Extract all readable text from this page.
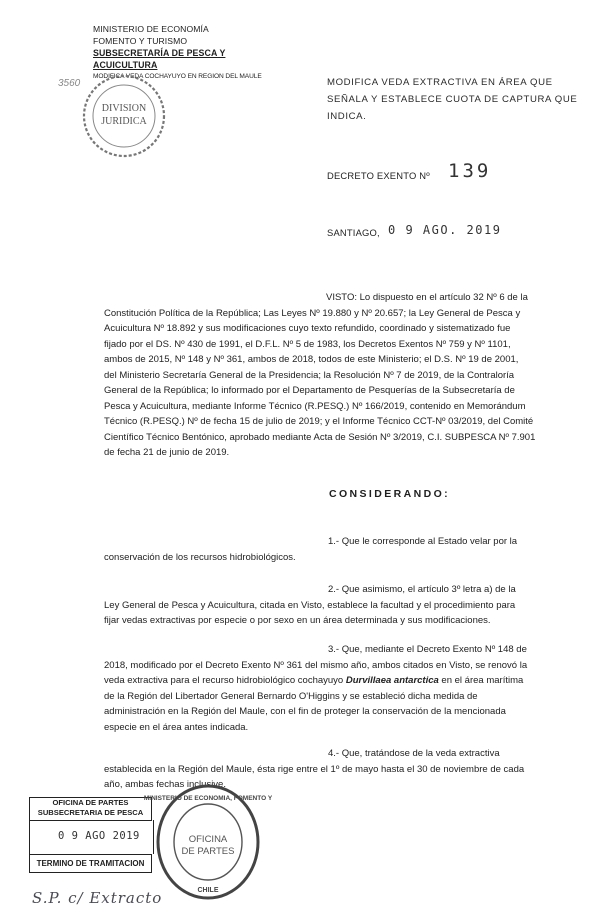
MINISTERIO DE ECONOMÍA
FOMENTO Y TURISMO
SUBSECRETARÍA DE PESCA Y ACUICULTURA
MODIFICA VEDA COCHAYUYO EN REGION DEL MAULE
3560
DIVISION
JURIDICA
MODIFICA VEDA EXTRACTIVA EN ÁREA QUE
SEÑALA Y ESTABLECE CUOTA DE CAPTURA QUE
INDICA.
DECRETO EXENTO Nº 139
SANTIAGO, 0 9 AGO. 2019
VISTO: Lo dispuesto en el artículo 32 Nº 6 de la
Constitución Política de la República; Las Leyes Nº 19.880 y Nº 20.657; la Ley General de Pesca y
Acuicultura Nº 18.892 y sus modificaciones cuyo texto refundido, coordinado y sistematizado fue
fijado por el DS. Nº 430 de 1991, el D.F.L. Nº 5 de 1983, los Decretos Exentos Nº 759 y Nº 1101,
ambos de 2015, Nº 148 y Nº 361, ambos de 2018, todos de este Ministerio; el D.S. Nº 19 de 2001,
del Ministerio Secretaría General de la Presidencia; la Resolución Nº 7 de 2019, de la Contraloría
General de la República; lo informado por el Departamento de Pesquerías de la Subsecretaría de
Pesca y Acuicultura, mediante Informe Técnico (R.PESQ.) Nº 166/2019, contenido en Memorándum
Técnico (R.PESQ.) Nº de fecha 15 de julio de 2019; y el Informe Técnico CCT-Nº 03/2019, del Comité
Científico Técnico Bentónico, aprobado mediante Acta de Sesión Nº 3/2019, C.I. SUBPESCA Nº 7.901
de fecha 21 de junio de 2019.
CONSIDERANDO:
1.- Que le corresponde al Estado velar por la
conservación de los recursos hidrobiológicos.
2.- Que asimismo, el artículo 3º letra a) de la
Ley General de Pesca y Acuicultura, citada en Visto, establece la facultad y el procedimiento para
fijar vedas extractivas por especie o por sexo en un área determinada y sus modificaciones.
3.- Que, mediante el Decreto Exento Nº 148 de
2018, modificado por el Decreto Exento Nº 361 del mismo año, ambos citados en Visto, se renovó la
veda extractiva para el recurso hidrobiológico cochayuyo Durvillaea antarctica en el área marítima
de la Región del Libertador General Bernardo O'Higgins y se estableció dicha medida de
administración en la Región del Maule, con el fin de proteger la conservación de la mencionada
especie en el área antes indicada.
4.- Que, tratándose de la veda extractiva
establecida en la Región del Maule, ésta rige entre el 1º de mayo hasta el 30 de noviembre de cada
año, ambas fechas inclusive.
OFICINA DE PARTES
SUBSECRETARIA DE PESCA
0 9 AGO 2019
TERMINO DE TRAMITACION
MINISTERIO DE ECONOMIA, FOMENTO Y
OFICINA
DE PARTES
CHILE
S.P. c/ Extracto
